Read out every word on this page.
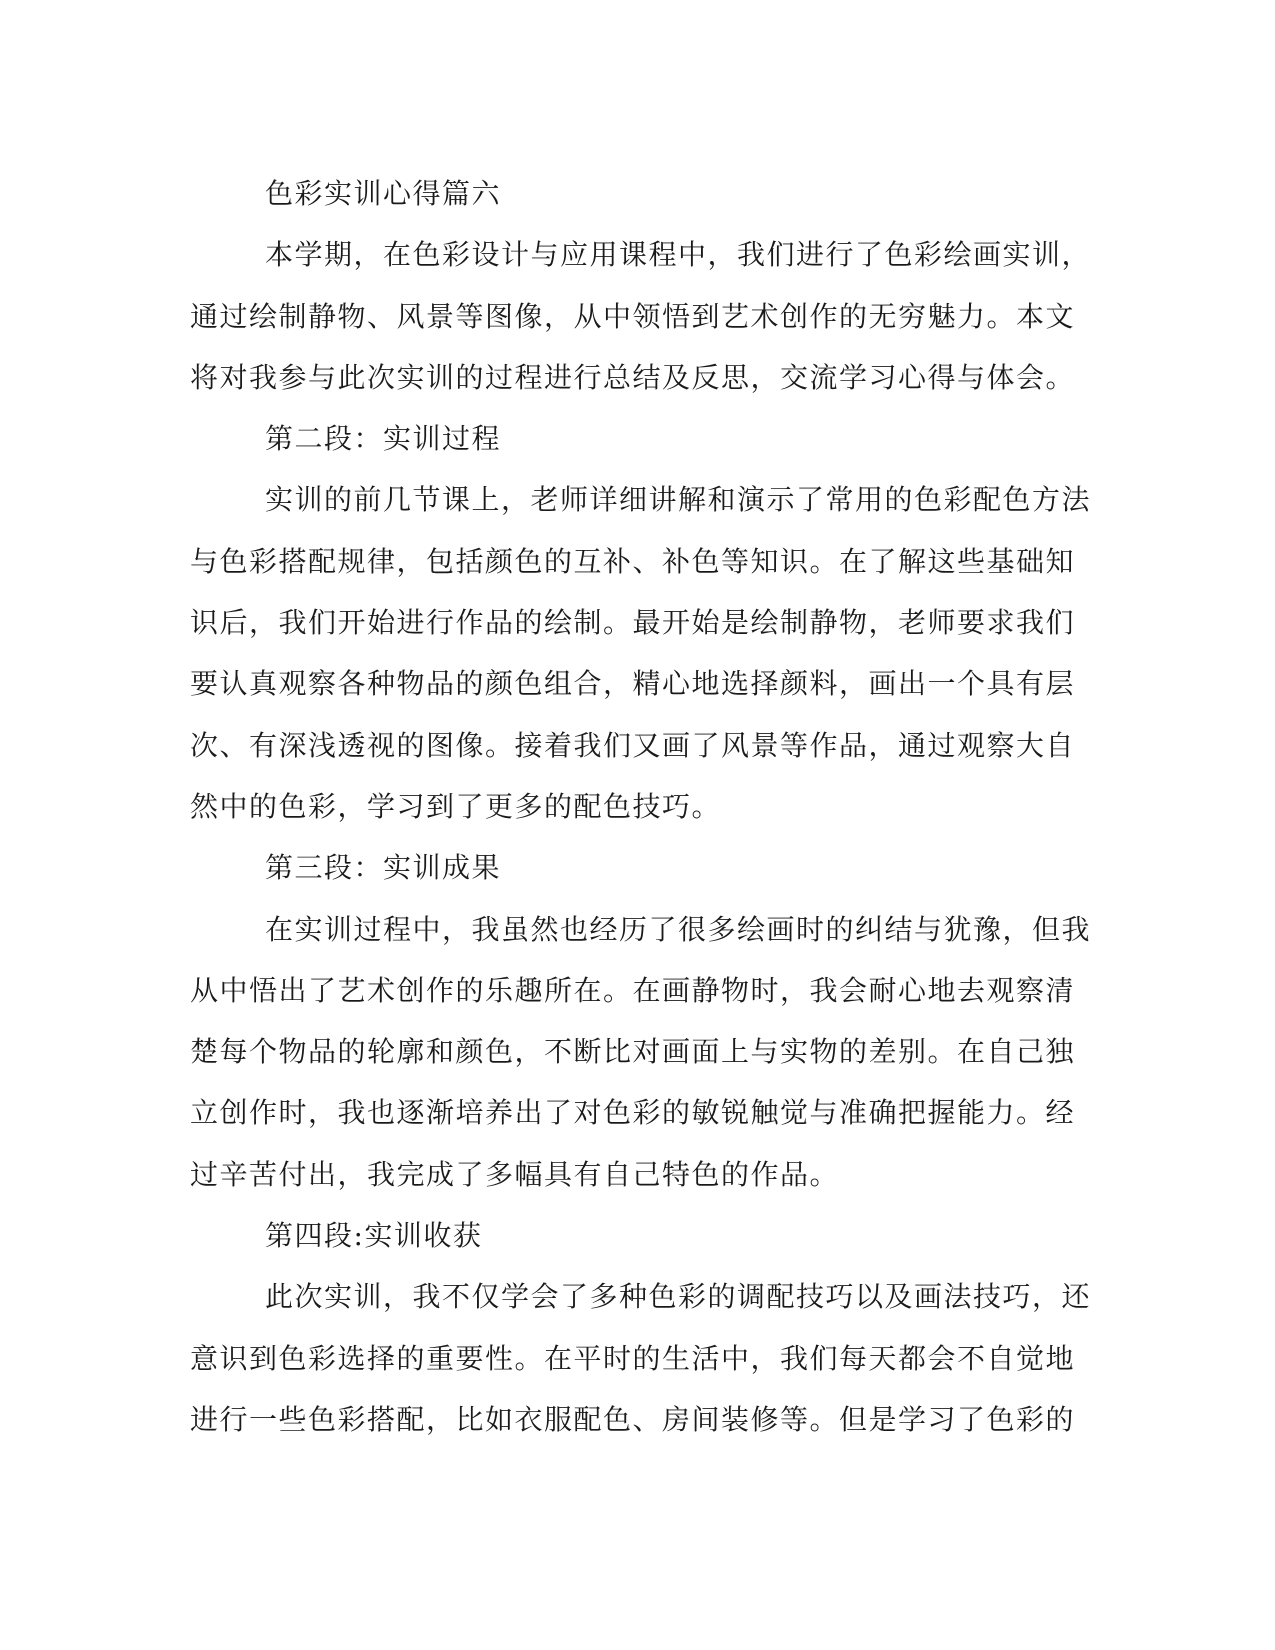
色彩实训心得篇六
本学期，在色彩设计与应用课程中，我们进行了色彩绘画实训，
通过绘制静物、风景等图像，从中领悟到艺术创作的无穷魅力。本文
将对我参与此次实训的过程进行总结及反思，交流学习心得与体会。
第二段：实训过程
实训的前几节课上，老师详细讲解和演示了常用的色彩配色方法
与色彩搭配规律，包括颜色的互补、补色等知识。在了解这些基础知
识后，我们开始进行作品的绘制。最开始是绘制静物，老师要求我们
要认真观察各种物品的颜色组合，精心地选择颜料，画出一个具有层
次、有深浅透视的图像。接着我们又画了风景等作品，通过观察大自
然中的色彩，学习到了更多的配色技巧。
第三段：实训成果
在实训过程中，我虽然也经历了很多绘画时的纠结与犹豫，但我
从中悟出了艺术创作的乐趣所在。在画静物时，我会耐心地去观察清
楚每个物品的轮廓和颜色，不断比对画面上与实物的差别。在自己独
立创作时，我也逐渐培养出了对色彩的敏锐触觉与准确把握能力。经
过辛苦付出，我完成了多幅具有自己特色的作品。
第四段:实训收获
此次实训，我不仅学会了多种色彩的调配技巧以及画法技巧，还
意识到色彩选择的重要性。在平时的生活中，我们每天都会不自觉地
进行一些色彩搭配，比如衣服配色、房间装修等。但是学习了色彩的
